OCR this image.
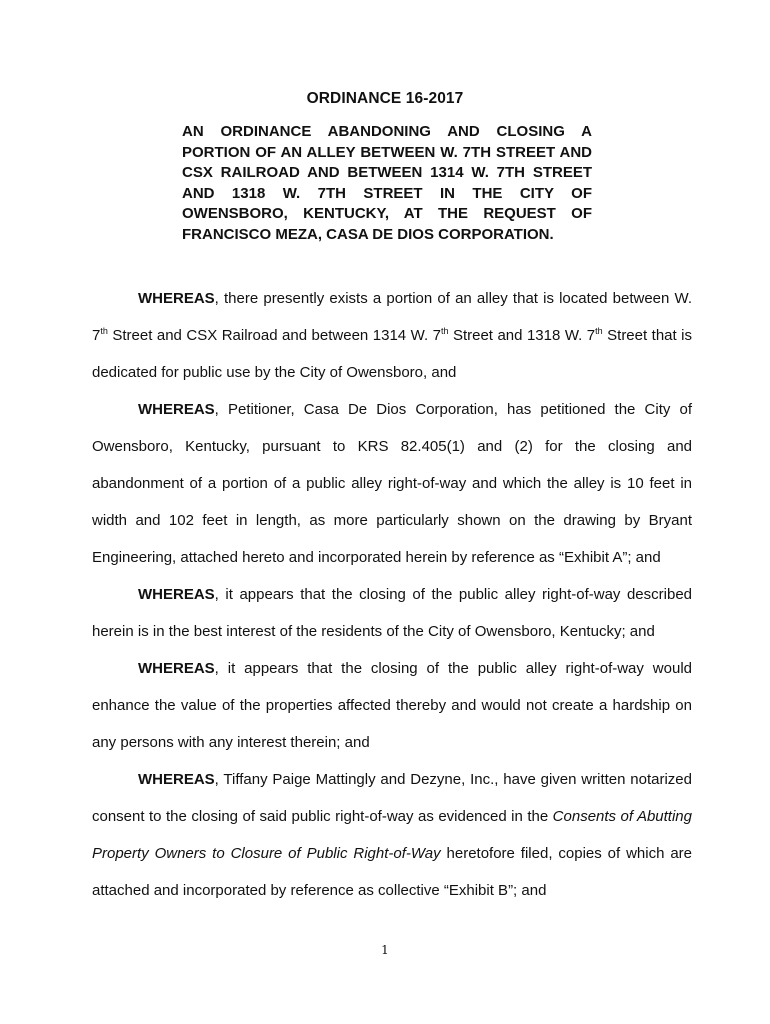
ORDINANCE 16-2017
AN ORDINANCE ABANDONING AND CLOSING A PORTION OF AN ALLEY BETWEEN W. 7TH STREET AND CSX RAILROAD AND BETWEEN 1314 W. 7TH STREET AND 1318 W. 7TH STREET IN THE CITY OF OWENSBORO, KENTUCKY, AT THE REQUEST OF FRANCISCO MEZA, CASA DE DIOS CORPORATION.

WHEREAS, there presently exists a portion of an alley that is located between W. 7th Street and CSX Railroad and between 1314 W. 7th Street and 1318 W. 7th Street that is dedicated for public use by the City of Owensboro, and

WHEREAS, Petitioner, Casa De Dios Corporation, has petitioned the City of Owensboro, Kentucky, pursuant to KRS 82.405(1) and (2) for the closing and abandonment of a portion of a public alley right-of-way and which the alley is 10 feet in width and 102 feet in length, as more particularly shown on the drawing by Bryant Engineering, attached hereto and incorporated herein by reference as “Exhibit A”; and

WHEREAS, it appears that the closing of the public alley right-of-way described herein is in the best interest of the residents of the City of Owensboro, Kentucky; and

WHEREAS, it appears that the closing of the public alley right-of-way would enhance the value of the properties affected thereby and would not create a hardship on any persons with any interest therein; and

WHEREAS, Tiffany Paige Mattingly and Dezyne, Inc., have given written notarized consent to the closing of said public right-of-way as evidenced in the Consents of Abutting Property Owners to Closure of Public Right-of-Way heretofore filed, copies of which are attached and incorporated by reference as collective “Exhibit B”; and

1
